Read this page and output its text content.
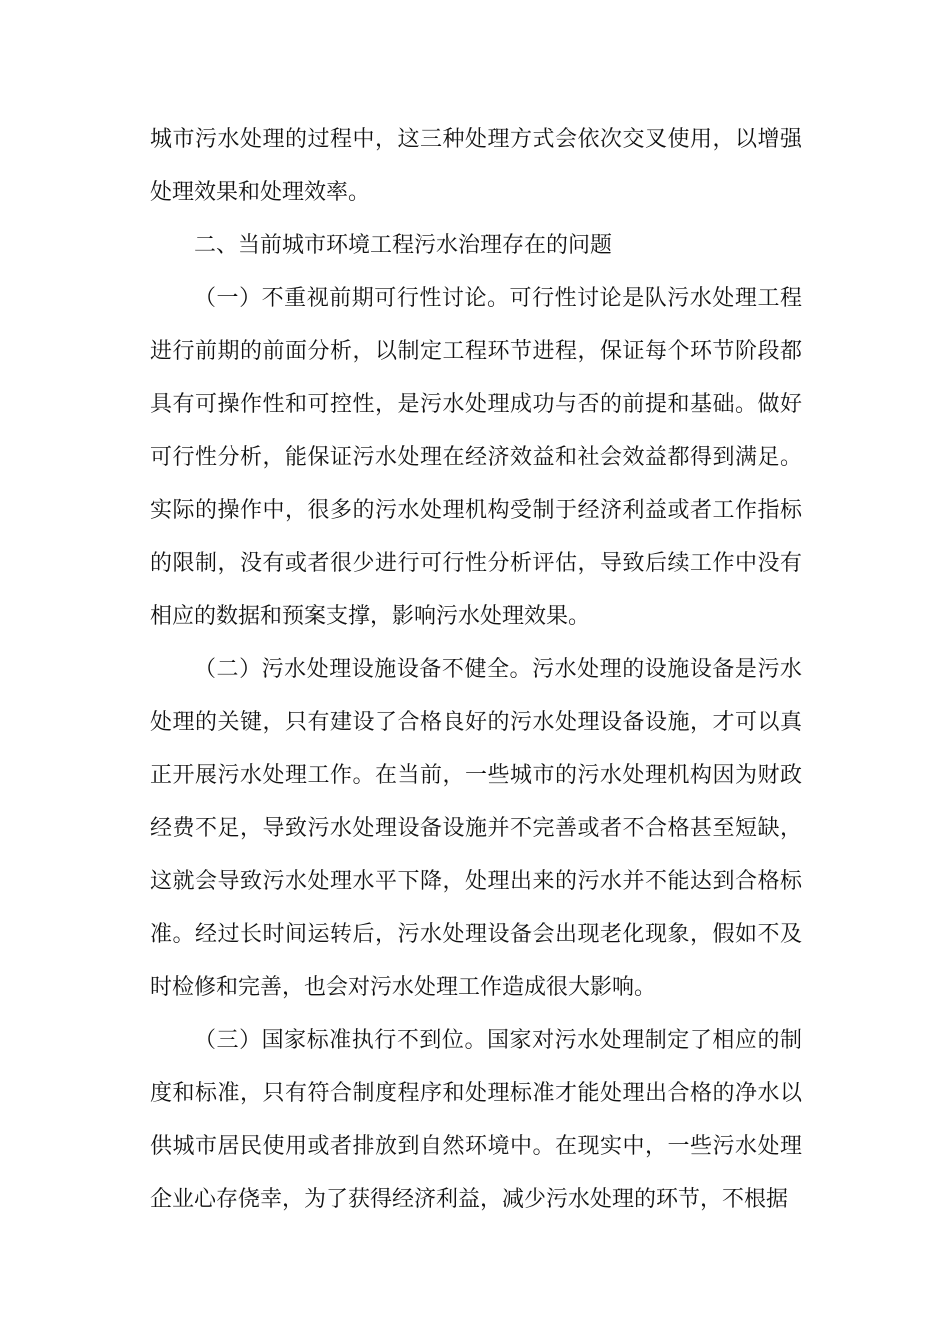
城市污水处理的过程中，这三种处理方式会依次交叉使用，以增强处理效果和处理效率。

二、当前城市环境工程污水治理存在的问题

（一）不重视前期可行性讨论。可行性讨论是队污水处理工程进行前期的前面分析，以制定工程环节进程，保证每个环节阶段都具有可操作性和可控性，是污水处理成功与否的前提和基础。做好可行性分析，能保证污水处理在经济效益和社会效益都得到满足。实际的操作中，很多的污水处理机构受制于经济利益或者工作指标的限制，没有或者很少进行可行性分析评估，导致后续工作中没有相应的数据和预案支撑，影响污水处理效果。

（二）污水处理设施设备不健全。污水处理的设施设备是污水处理的关键，只有建设了合格良好的污水处理设备设施，才可以真正开展污水处理工作。在当前，一些城市的污水处理机构因为财政经费不足，导致污水处理设备设施并不完善或者不合格甚至短缺，这就会导致污水处理水平下降，处理出来的污水并不能达到合格标准。经过长时间运转后，污水处理设备会出现老化现象，假如不及时检修和完善，也会对污水处理工作造成很大影响。

（三）国家标准执行不到位。国家对污水处理制定了相应的制度和标准，只有符合制度程序和处理标准才能处理出合格的净水以供城市居民使用或者排放到自然环境中。在现实中，一些污水处理企业心存侥幸，为了获得经济利益，减少污水处理的环节，不根据
